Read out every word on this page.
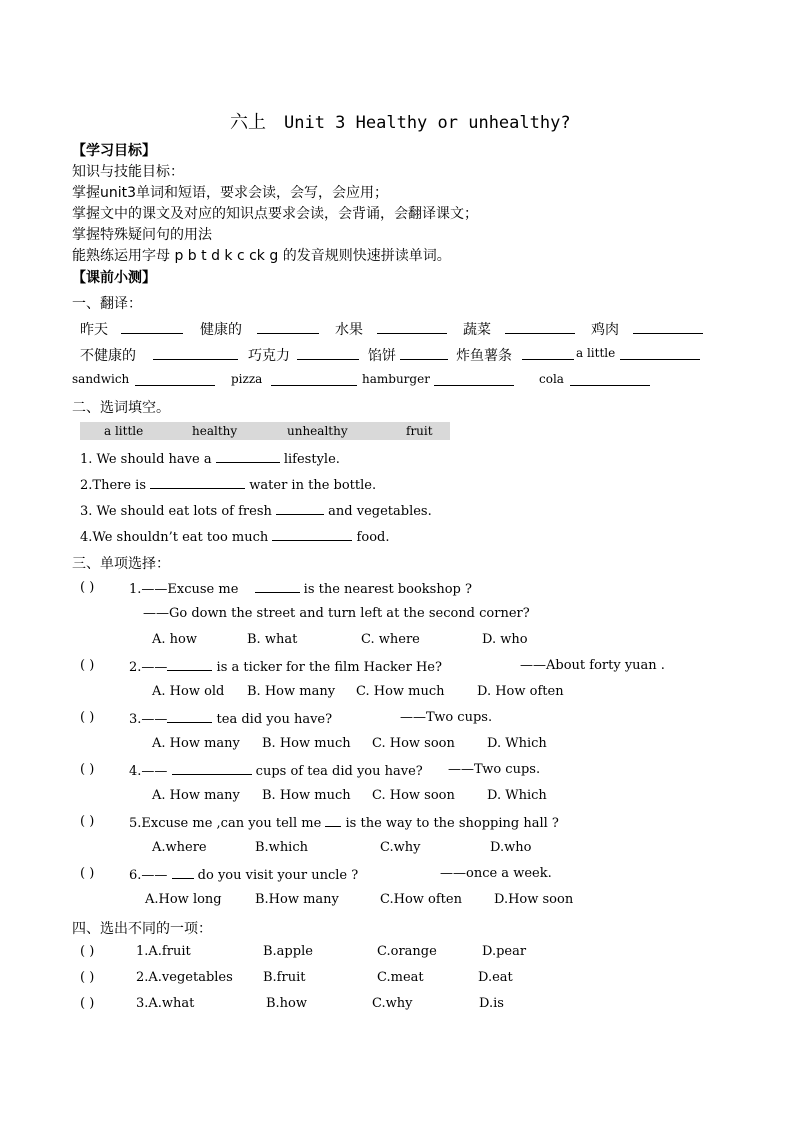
六上 Unit 3 Healthy or unhealthy?
【学习目标】
知识与技能目标：
掌握unit3单词和短语，要求会读，会写，会应用；
掌握文中的课文及对应的知识点要求会读，会背诵，会翻译课文；
掌握特殊疑问句的用法
能熟练运用字母 p b t d k c ck g 的发音规则快速拼读单词。
【课前小测】
一、翻译：
昨天	健康的	水果	蔬菜	鸡肉
不健康的	巧克力	馅饼	炸鱼薯条	a little
sandwich	pizza	hamburger	cola
二、选词填空。
a little	healthy	unhealthy	fruit
1. We should have a	lifestyle.
2.There is	water in the bottle.
3. We should eat lots of fresh	and vegetables.
4.We shouldn’t eat too much	food.
三、单项选择：
( )	1.——Excuse me	is the nearest bookshop ?
——Go down the street and turn left at the second corner?
A. how	B. what	C. where	D. who
( )	2.——	is a ticker for the film Hacker He?	——About forty yuan .
A. How old B. How many C. How much D. How often
( )	3.——	tea did you have?	——Two cups.
A. How many B. How much C. How soon D. Which
( )	4.——	cups of tea did you have? ——Two cups.
A. How many B. How much C. How soon D. Which
( )	5.Excuse me ,can you tell me  is the way to the shopping hall ?
A.where	B.which	C.why	D.who
( )	6.——  do you visit your uncle ?	——once a week.
A.How long	B.How many	C.How often D.How soon
四、选出不同的一项：
( )	1.A.fruit	B.apple	C.orange	D.pear
( )	2.A.vegetables B.fruit	C.meat	D.eat
( )	3.A.what	B.how	C.why	D.is
